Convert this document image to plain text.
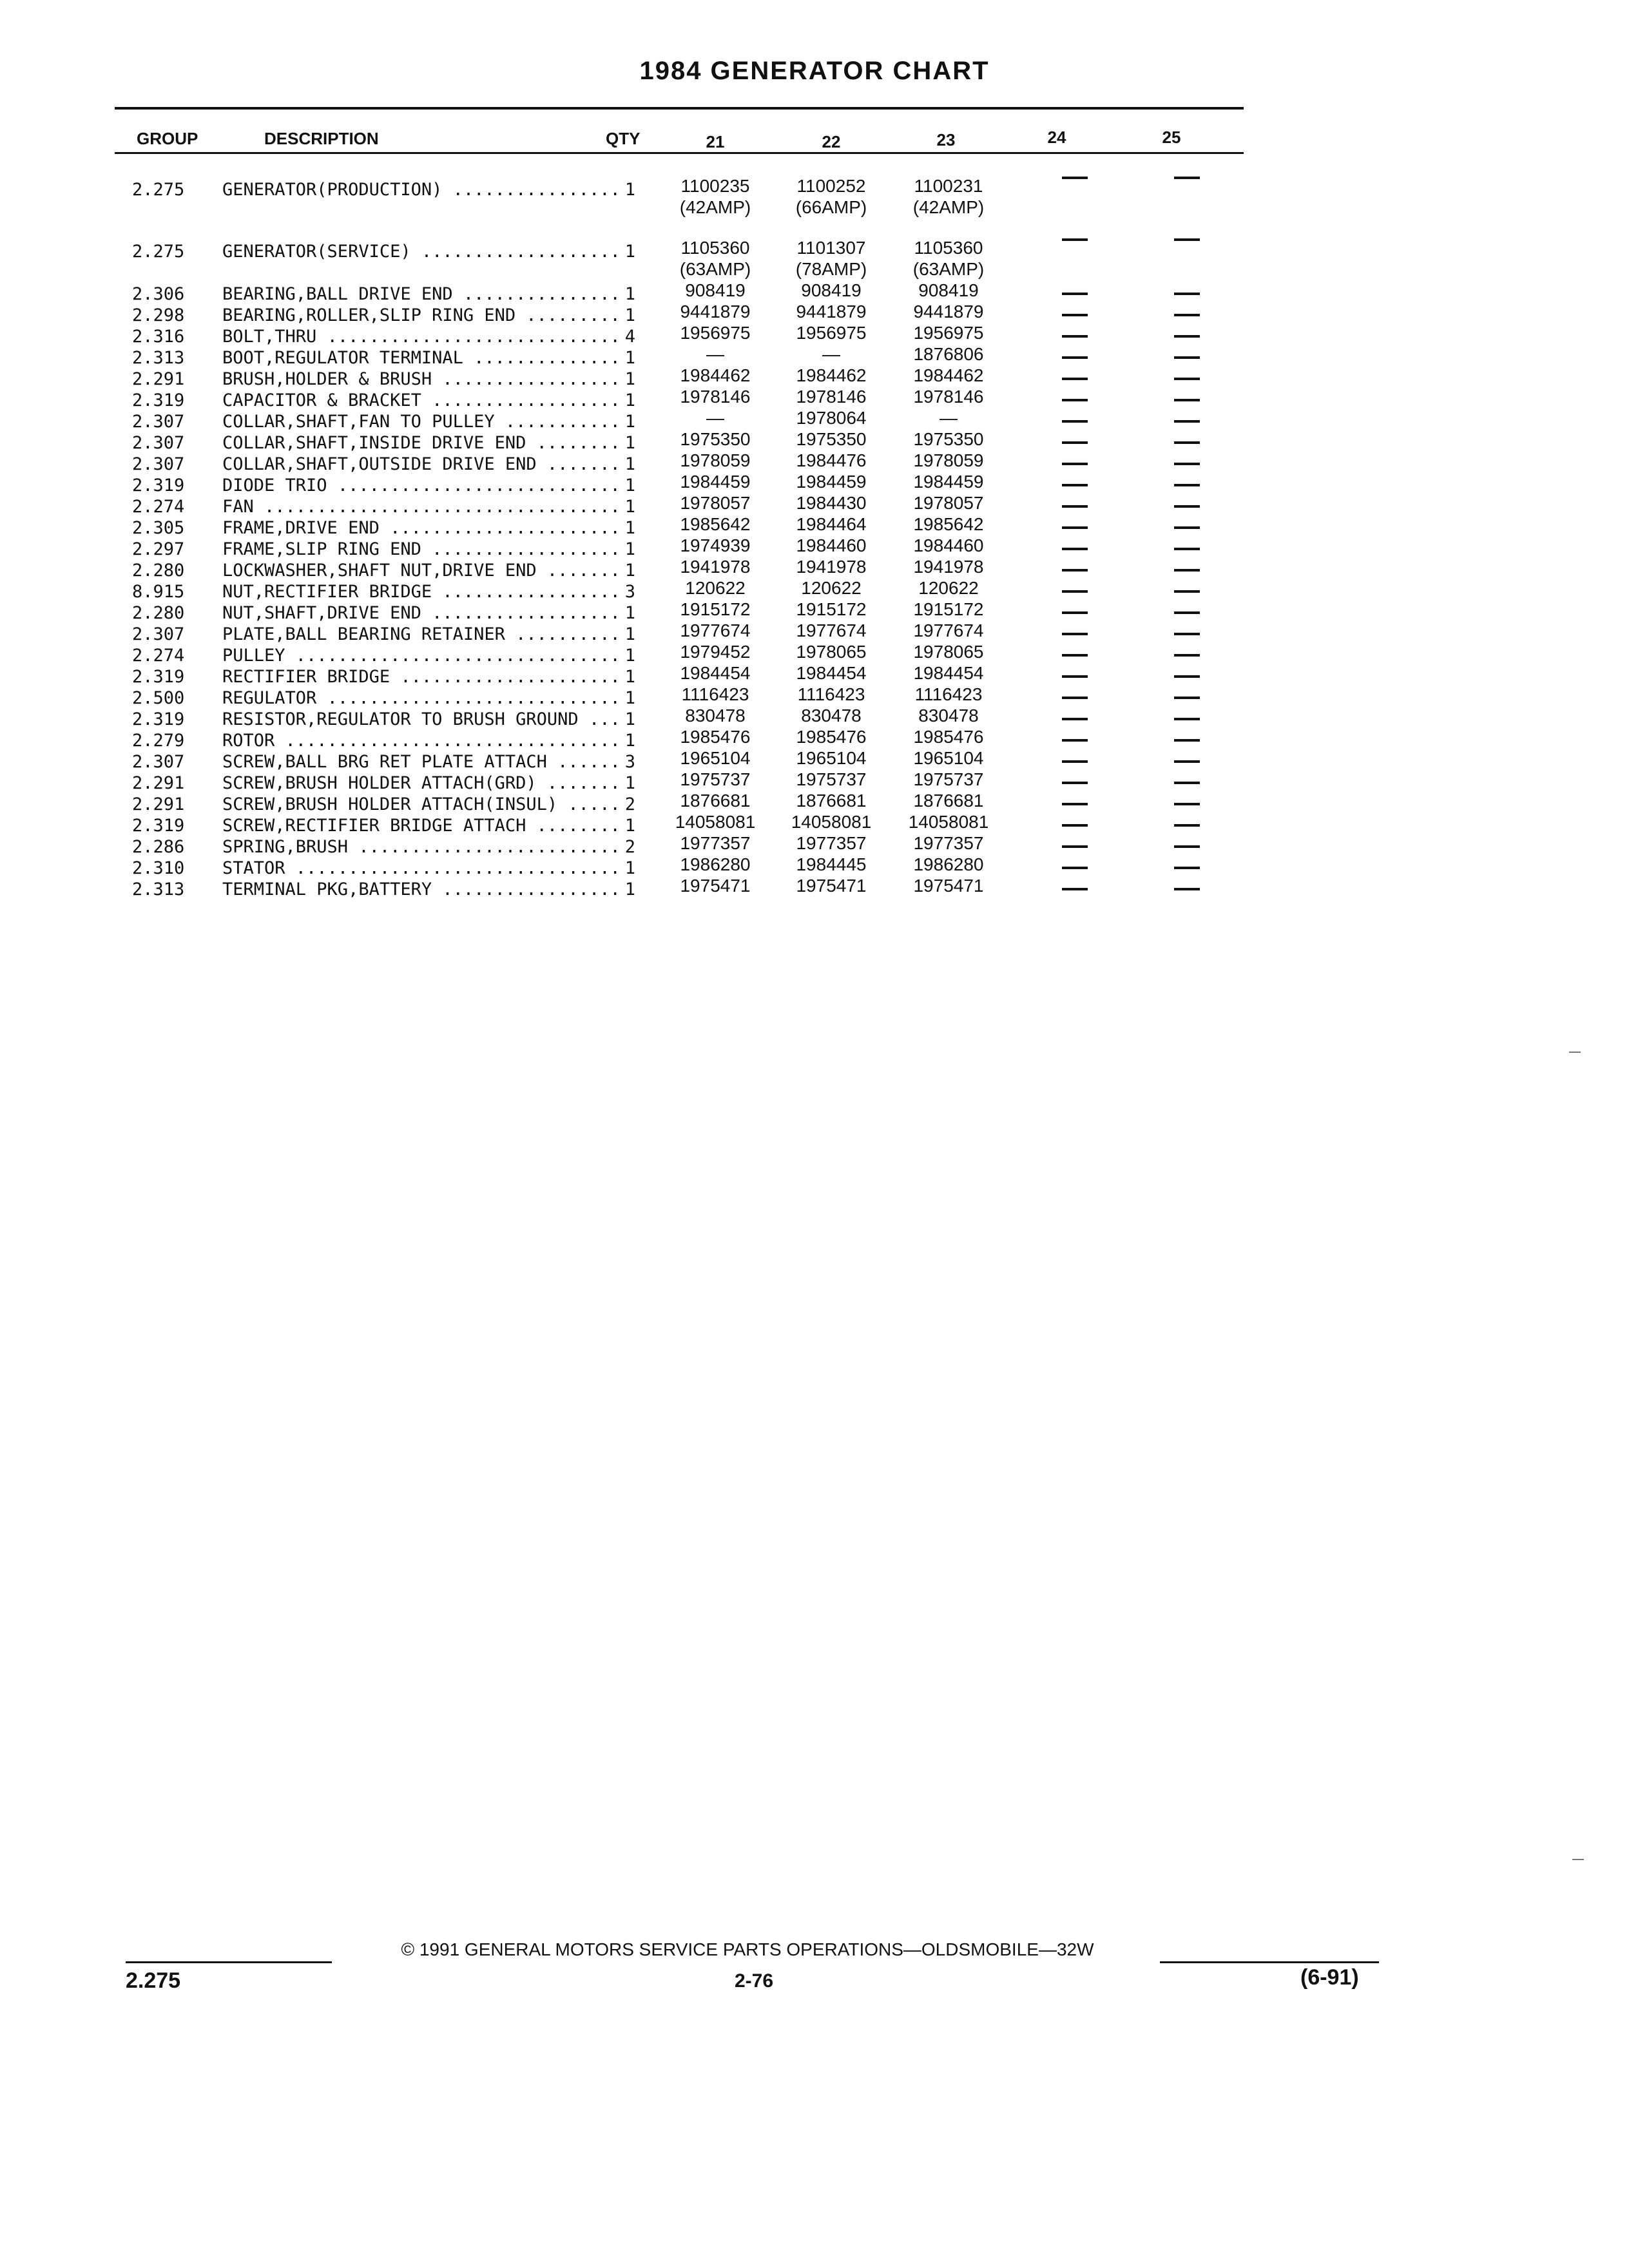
1984 GENERATOR CHART
GROUP	DESCRIPTION	QTY	21	22	23	24	25
2.275 GENERATOR(PRODUCTION) .....	1	1100235	1100252	1100231
(42AMP)	(66AMP)	(42AMP)
2.275 GENERATOR(SERVICE) .....	1	1105360	1101307	1105360
(63AMP)	(78AMP)	(63AMP)
2.306 BEARING,BALL DRIVE END .....	1	908419	908419	908419
2.298 BEARING,ROLLER,SLIP RING END .....	1	9441879	9441879	9441879
2.316 BOLT,THRU .....	4	1956975	1956975	1956975
2.313 BOOT,REGULATOR TERMINAL .....	1	—	—	1876806
2.291 BRUSH,HOLDER & BRUSH .....	1	1984462	1984462	1984462
2.319 CAPACITOR & BRACKET .....	1	1978146	1978146	1978146
2.307 COLLAR,SHAFT,FAN TO PULLEY .....	1	—	1978064	—
2.307 COLLAR,SHAFT,INSIDE DRIVE END .....	1	1975350	1975350	1975350
2.307 COLLAR,SHAFT,OUTSIDE DRIVE END .....	1	1978059	1984476	1978059
2.319 DIODE TRIO .....	1	1984459	1984459	1984459
2.274 FAN .....	1	1978057	1984430	1978057
2.305 FRAME,DRIVE END .....	1	1985642	1984464	1985642
2.297 FRAME,SLIP RING END .....	1	1974939	1984460	1984460
2.280 LOCKWASHER,SHAFT NUT,DRIVE END .....	1	1941978	1941978	1941978
8.915 NUT,RECTIFIER BRIDGE .....	3	120622	120622	120622
2.280 NUT,SHAFT,DRIVE END .....	1	1915172	1915172	1915172
2.307 PLATE,BALL BEARING RETAINER .....	1	1977674	1977674	1977674
2.274 PULLEY .....	1	1979452	1978065	1978065
2.319 RECTIFIER BRIDGE .....	1	1984454	1984454	1984454
2.500 REGULATOR .....	1	1116423	1116423	1116423
2.319 RESISTOR,REGULATOR TO BRUSH GROUND .....	1	830478	830478	830478
2.279 ROTOR .....	1	1985476	1985476	1985476
2.307 SCREW,BALL BRG RET PLATE ATTACH .....	3	1965104	1965104	1965104
2.291 SCREW,BRUSH HOLDER ATTACH(GRD) .....	1	1975737	1975737	1975737
2.291 SCREW,BRUSH HOLDER ATTACH(INSUL) .....	2	1876681	1876681	1876681
2.319 SCREW,RECTIFIER BRIDGE ATTACH .....	1	14058081	14058081	14058081
2.286 SPRING,BRUSH .....	2	1977357	1977357	1977357
2.310 STATOR .....	1	1986280	1984445	1986280
2.313 TERMINAL PKG,BATTERY .....	1	1975471	1975471	1975471
© 1991 GENERAL MOTORS SERVICE PARTS OPERATIONS—OLDSMOBILE—32W
2.275	2-76	(6-91)
